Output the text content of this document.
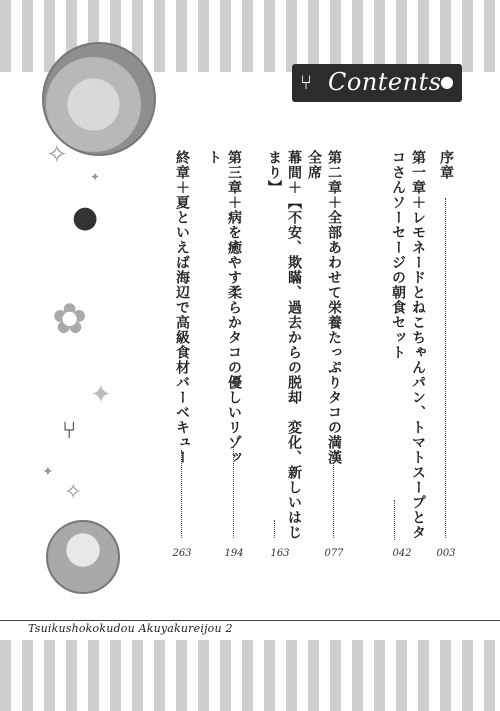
⑂ Contents
●
✧
✦
●
✿
✦
⑂
✦
✧
序章
003
第一章＋レモネードとねこちゃんパン、トマトスープとタコさんソーセージの朝食セット
042
第二章＋全部あわせて栄養たっぷりタコの満漢全席
077
幕間＋【不安、欺瞞、過去からの脱却　変化、新しいはじまり】
163
第三章＋病を癒やす柔らかタコの優しいリゾット
194
終章＋夏といえば海辺で高級食材バーベキュー
263
Tsuikushokokudou Akuyakureijou 2
